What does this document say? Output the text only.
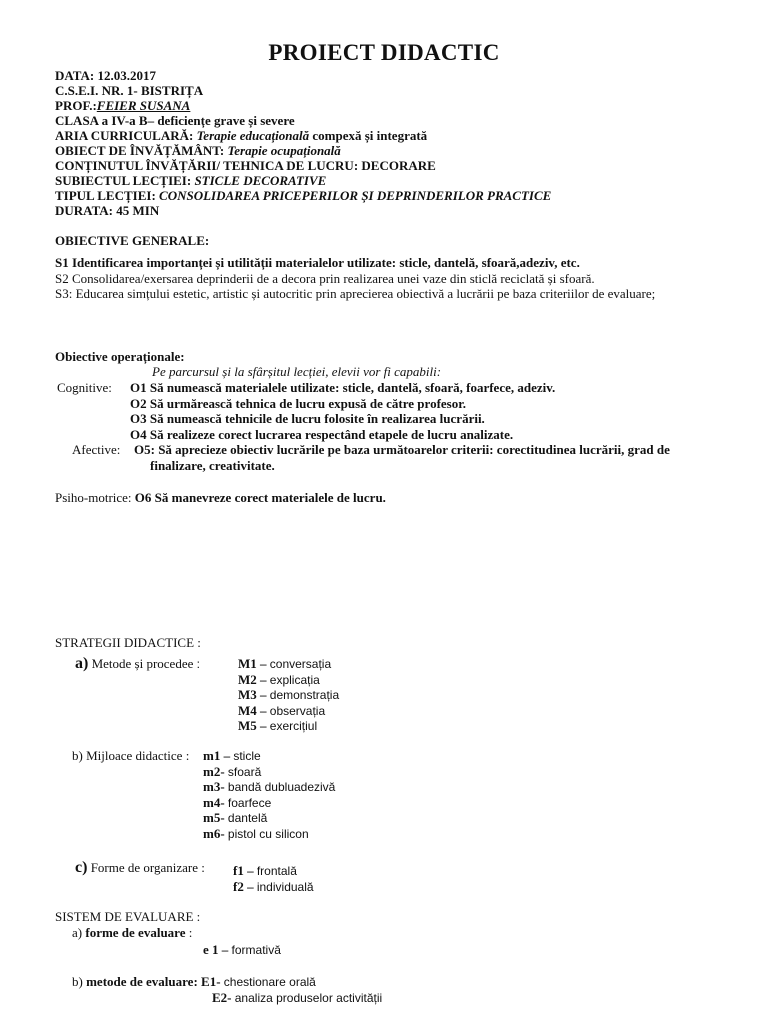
PROIECT DIDACTIC
DATA: 12.03.2017
C.S.E.I. NR. 1- BISTRIȚA
PROF.:FEIER SUSANA
CLASA a IV-a B– deficiențe grave și severe
ARIA CURRICULARĂ: Terapie educațională compexă și integrată
OBIECT DE ÎNVĂȚĂMÂNT: Terapie ocupațională
CONȚINUTUL ÎNVĂȚĂRII/ TEHNICA DE LUCRU: DECORARE
SUBIECTUL LECȚIEI: STICLE DECORATIVE
TIPUL LECȚIEI: CONSOLIDAREA PRICEPERILOR ȘI DEPRINDERILOR PRACTICE
DURATA: 45 MIN
OBIECTIVE GENERALE:
S1 Identificarea importanței și utilității materialelor utilizate: sticle, dantelă, sfoară,adeziv, etc.
S2 Consolidarea/exersarea deprinderii de a decora prin realizarea unei vaze din sticlă reciclată și sfoară.
S3: Educarea simțului estetic, artistic și autocritic prin aprecierea obiectivă a lucrării pe baza criteriilor de evaluare;
Obiective operaționale:
Pe parcursul și la sfârșitul lecției, elevii vor fi capabili:
Cognitive: O1 Să numească materialele utilizate: sticle, dantelă, sfoară, foarfece, adeziv.
O2 Să urmărească tehnica de lucru expusă de către profesor.
O3 Să numească tehnicile de lucru folosite în realizarea lucrării.
O4 Să realizeze corect lucrarea respectând etapele de lucru analizate.
Afective: O5: Să aprecieze obiectiv lucrările pe baza următoarelor criterii: corectitudinea lucrării, grad de
finalizare, creativitate.
Psiho-motrice: O6 Să manevreze corect materialele de lucru.
STRATEGII DIDACTICE :
a) Metode și procedee :	M1 – conversația
M2 – explicația
M3 – demonstrația
M4 – observația
M5 – exercițiul
b) Mijloace didactice : m1 – sticle
m2- sfoară
m3- bandă dubluadezivă
m4- foarfece
m5- dantelă
m6- pistol cu silicon
c) Forme de organizare : f1 – frontală
f2 – individuală
SISTEM DE EVALUARE :
a) forme de evaluare :
e 1 – formativă
b) metode de evaluare: E1- chestionare orală
E2- analiza produselor activității
